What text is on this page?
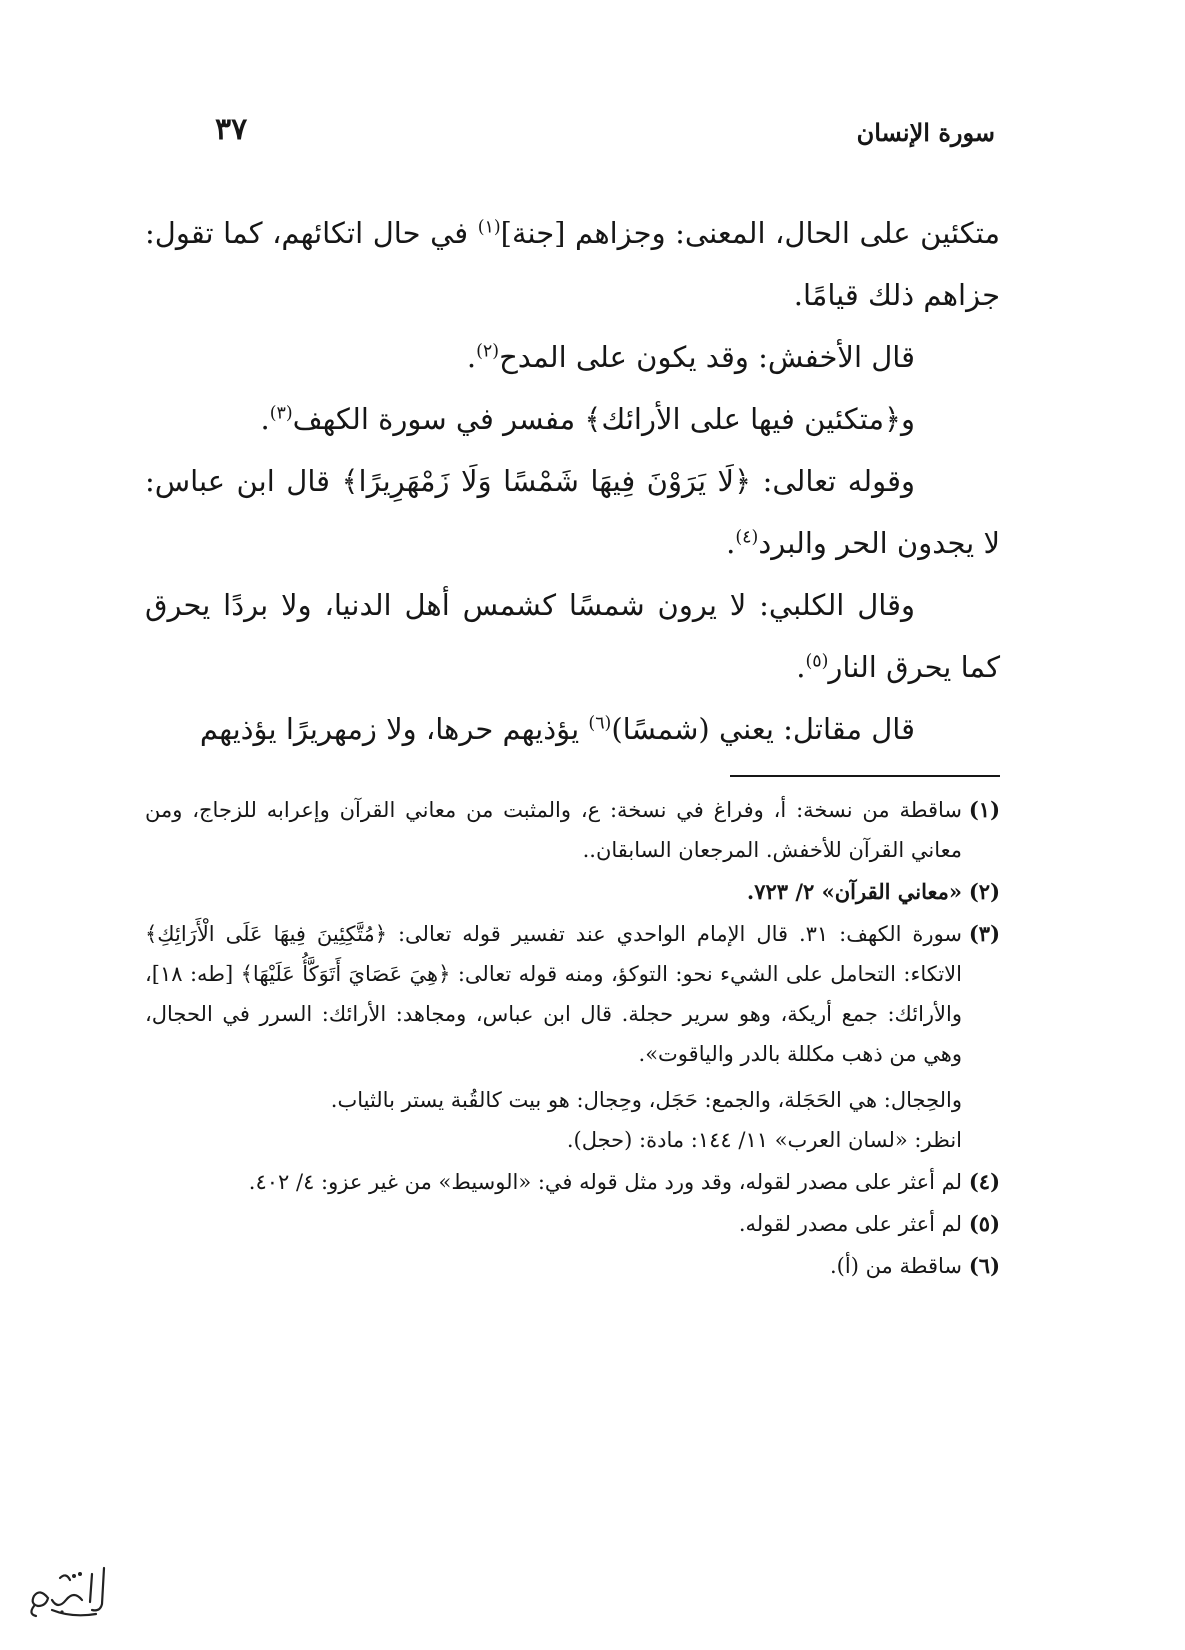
سورة الإنسان
٣٧

متكئين على الحال، المعنى: وجزاهم [جنة]$^{(١)}$ في حال اتكائهم، كما تقول: جزاهم ذلك قيامًا.

قال الأخفش: وقد يكون على المدح$^{(٢)}$.

و﴿متكئين فيها على الأرائك﴾ مفسر في سورة الكهف$^{(٣)}$.

وقوله تعالى: ﴿لَا يَرَوْنَ فِيهَا شَمْسًا وَلَا زَمْهَرِيرًا﴾ قال ابن عباس: لا يجدون الحر والبرد$^{(٤)}$.

وقال الكلبي: لا يرون شمسًا كشمس أهل الدنيا، ولا بردًا يحرق كما يحرق النار$^{(٥)}$.

قال مقاتل: يعني (شمسًا)$^{(٦)}$ يؤذيهم حرها، ولا زمهريرًا يؤذيهم

(١)
ساقطة من نسخة: أ، وفراغ في نسخة: ع، والمثبت من معاني القرآن وإعرابه للزجاج، ومن معاني القرآن للأخفش. المرجعان السابقان..
(٢)
«معاني القرآن» ٢/ ٧٢٣.
(٣)
سورة الكهف: ٣١. قال الإمام الواحدي عند تفسير قوله تعالى: ﴿مُتَّكِئِينَ فِيهَا عَلَى الْأَرَائِكِ﴾ الاتكاء: التحامل على الشيء نحو: التوكؤ، ومنه قوله تعالى: ﴿هِيَ عَصَايَ أَتَوَكَّأُ عَلَيْهَا﴾ [طه: ١٨]، والأرائك: جمع أريكة، وهو سرير حجلة. قال ابن عباس، ومجاهد: الأرائك: السرر في الحجال، وهي من ذهب مكللة بالدر والياقوت».
والحِجال: هي الحَجَلة، والجمع: حَجَل، وحِجال: هو بيت كالقُبة يستر بالثياب.
انظر: «لسان العرب» ١١/ ١٤٤: مادة: (حجل).
(٤)
لم أعثر على مصدر لقوله، وقد ورد مثل قوله في: «الوسيط» من غير عزو: ٤/ ٤٠٢.
(٥)
لم أعثر على مصدر لقوله.
(٦)
ساقطة من (أ).
